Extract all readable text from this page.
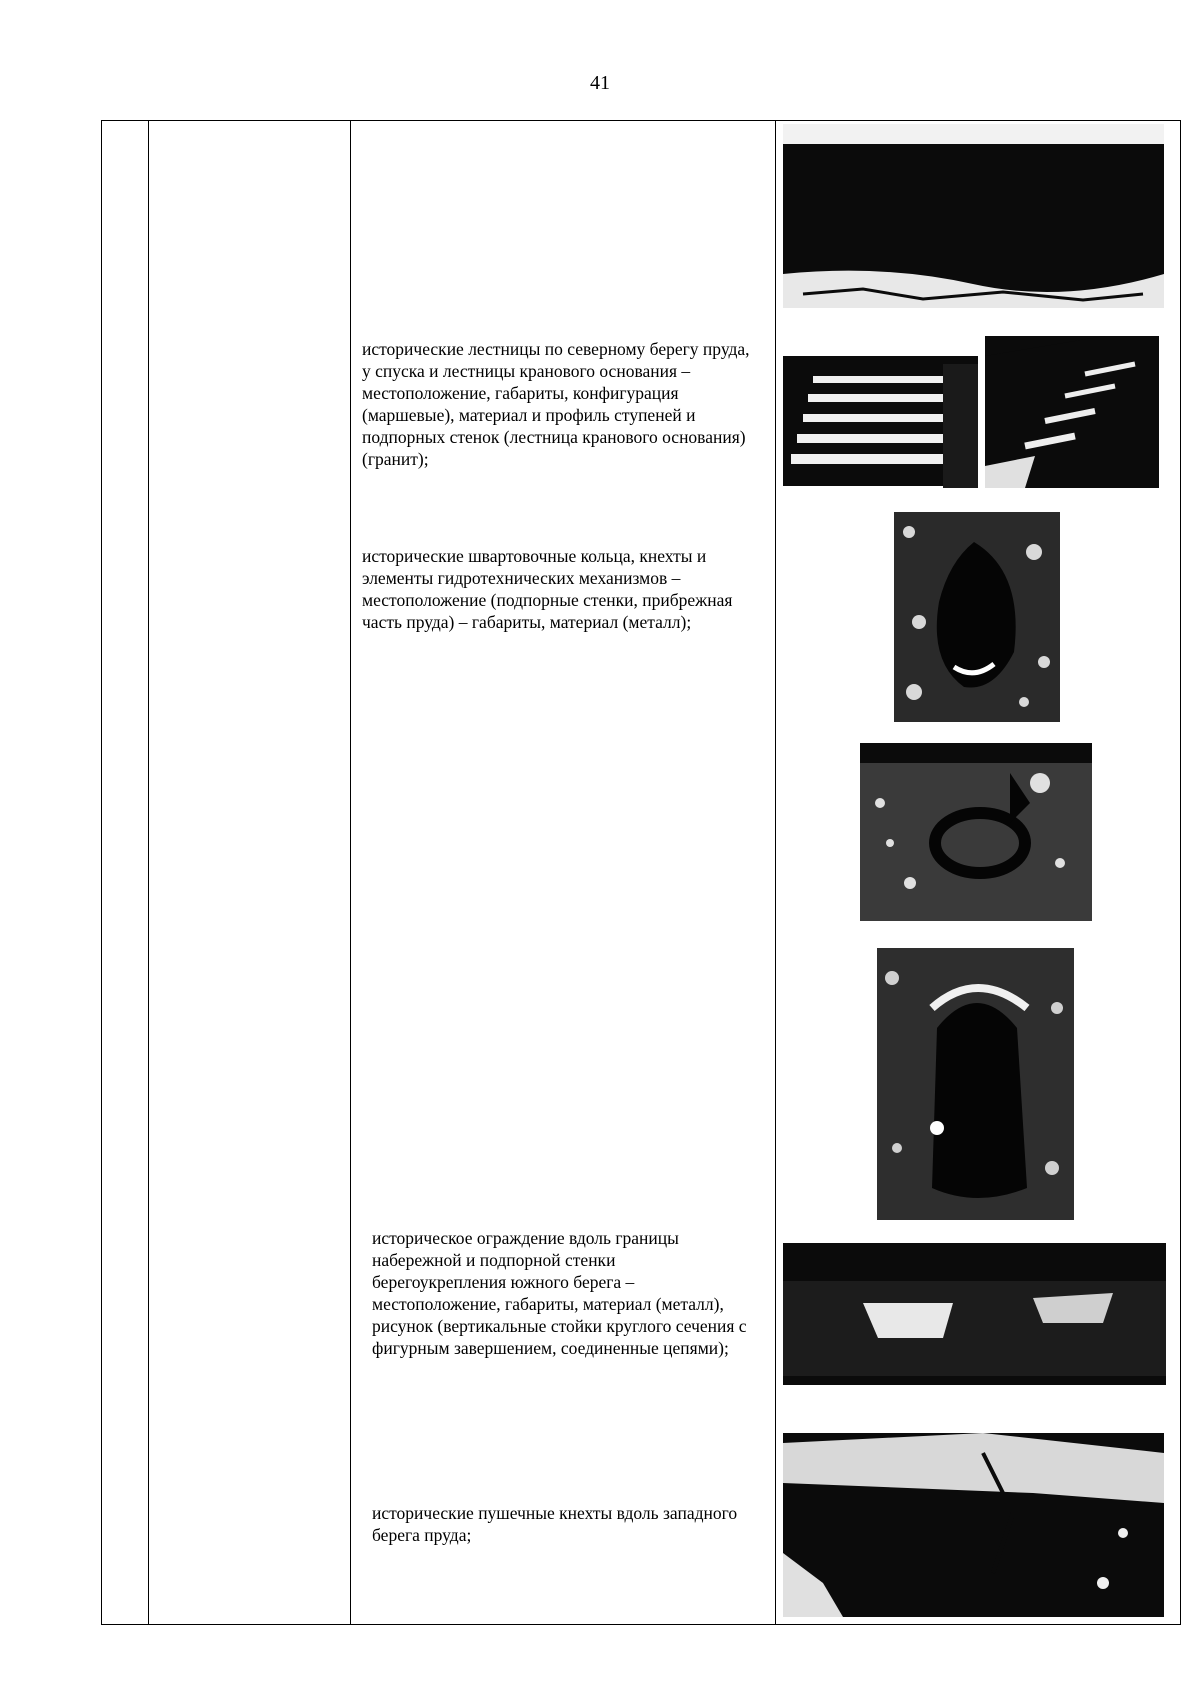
41
исторические лестницы по северному берегу пруда, у спуска и лестницы кранового основания – местоположение, габариты, конфигурация (маршевые), материал и профиль ступеней и подпорных стенок (лестница кранового основания) (гранит);
исторические швартовочные кольца, кнехты и элементы гидротехнических механизмов – местоположение (подпорные стенки, прибрежная часть пруда) – габариты, материал (металл);
историческое ограждение вдоль границы набережной и подпорной стенки берегоукрепления южного берега – местоположение, габариты, материал (металл), рисунок (вертикальные стойки круглого сечения с фигурным завершением, соединенные цепями);
исторические пушечные кнехты вдоль западного берега пруда;
